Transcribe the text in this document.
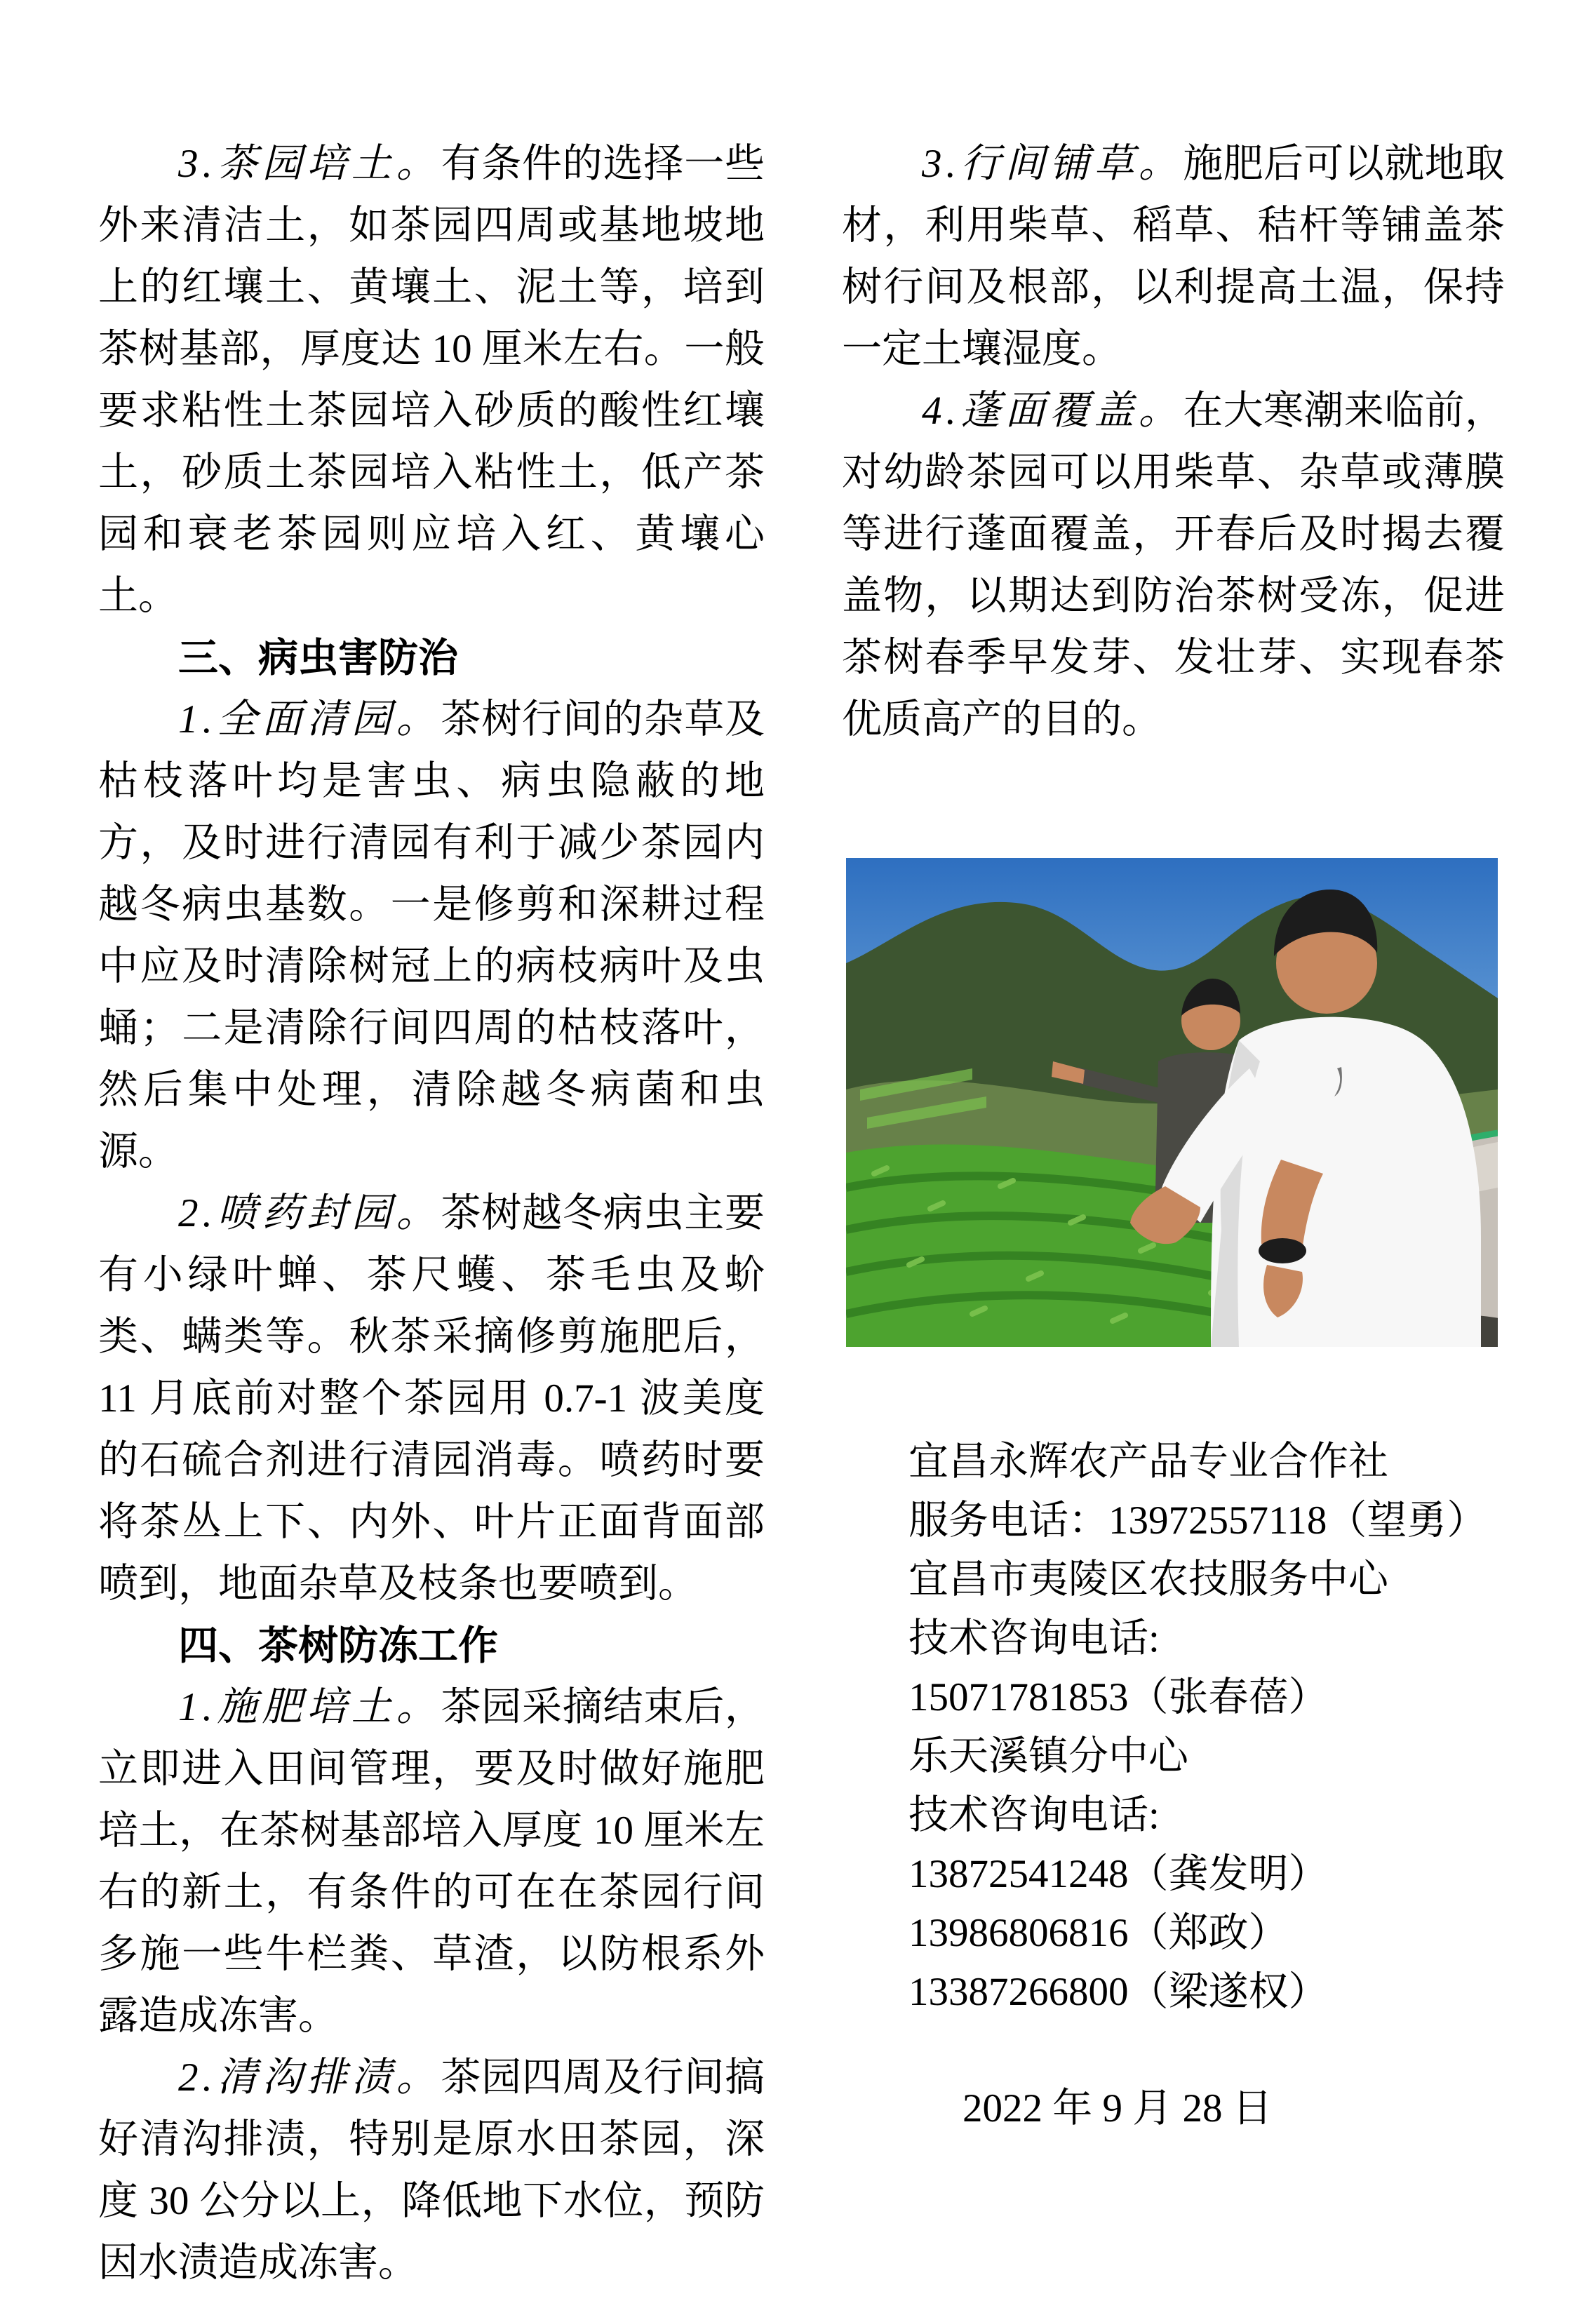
3.茶园培土。有条件的选择一些外来清洁土，如茶园四周或基地坡地上的红壤土、黄壤土、泥土等，培到茶树基部，厚度达 10 厘米左右。一般要求粘性土茶园培入砂质的酸性红壤土，砂质土茶园培入粘性土，低产茶园和衰老茶园则应培入红、黄壤心土。

三、病虫害防治

1.全面清园。茶树行间的杂草及枯枝落叶均是害虫、病虫隐蔽的地方，及时进行清园有利于减少茶园内越冬病虫基数。一是修剪和深耕过程中应及时清除树冠上的病枝病叶及虫蛹；二是清除行间四周的枯枝落叶，然后集中处理，清除越冬病菌和虫源。

2.喷药封园。茶树越冬病虫主要有小绿叶蝉、茶尺蠖、茶毛虫及蚧类、螨类等。秋茶采摘修剪施肥后， 11 月底前对整个茶园用 0.7-1 波美度的石硫合剂进行清园消毒。喷药时要将茶丛上下、内外、叶片正面背面部喷到，地面杂草及枝条也要喷到。

四、茶树防冻工作

1.施肥培土。茶园采摘结束后，立即进入田间管理，要及时做好施肥培土，在茶树基部培入厚度 10 厘米左右的新土，有条件的可在在茶园行间多施一些牛栏粪、草渣，以防根系外露造成冻害。

2.清沟排渍。茶园四周及行间搞好清沟排渍，特别是原水田茶园，深度 30 公分以上，降低地下水位，预防因水渍造成冻害。

3.行间铺草。施肥后可以就地取材，利用柴草、稻草、秸杆等铺盖茶树行间及根部，以利提高土温，保持一定土壤湿度。

4.蓬面覆盖。在大寒潮来临前，对幼龄茶园可以用柴草、杂草或薄膜等进行蓬面覆盖，开春后及时揭去覆盖物，以期达到防治茶树受冻，促进茶树春季早发芽、发壮芽、实现春茶优质高产的目的。

宜昌永辉农产品专业合作社

服务电话：13972557118（望勇）

宜昌市夷陵区农技服务中心

技术咨询电话:

15071781853（张春蓓）

乐天溪镇分中心

技术咨询电话:

13872541248（龚发明）

13986806816（郑政）

13387266800（梁遂权）

2022 年 9 月 28 日
